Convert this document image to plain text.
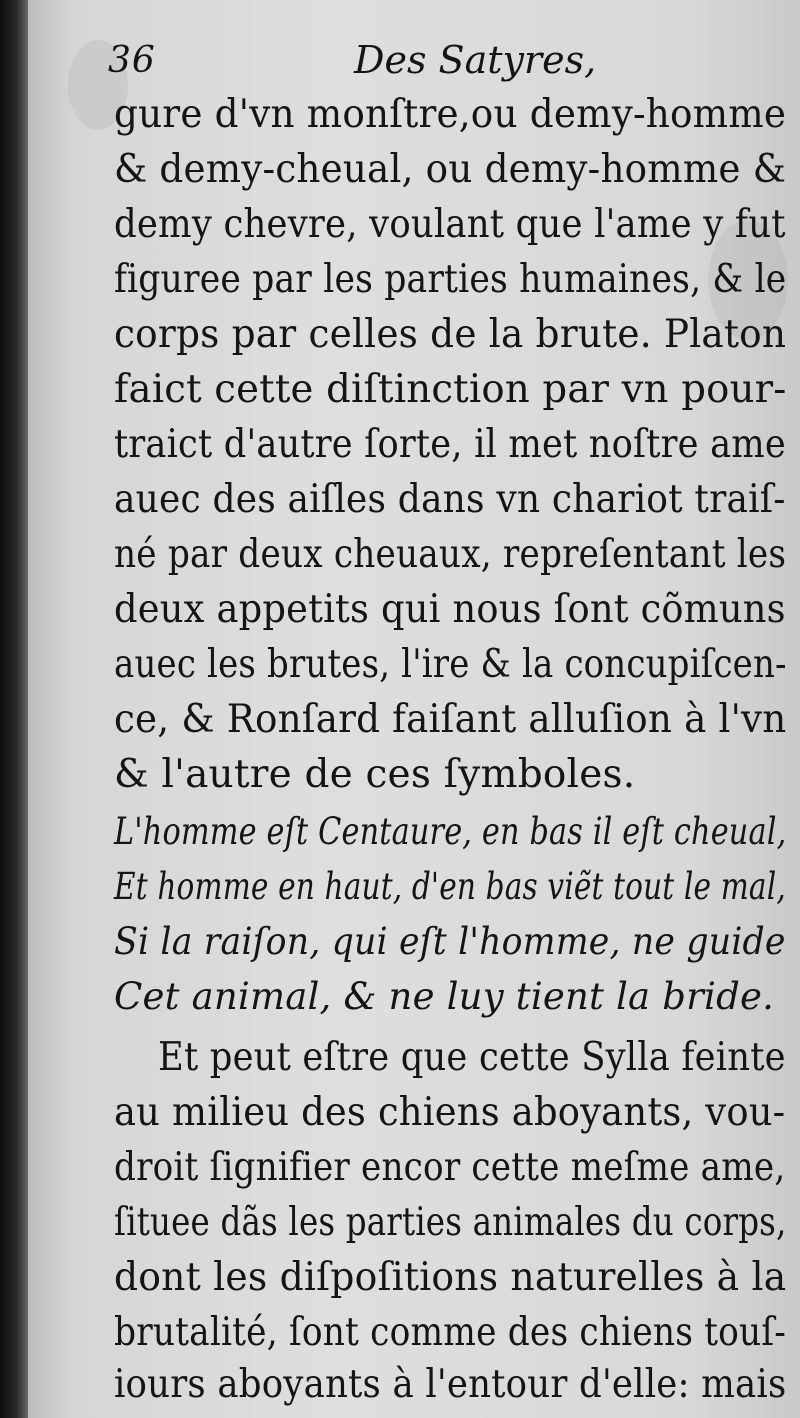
36	Des Satyres,
gure d'vn monſtre,ou demy-homme
& demy-cheual, ou demy-homme &
demy chevre, voulant que l'ame y fut
figuree par les parties humaines, & le
corps par celles de la brute. Platon
faict cette diſtinction par vn pour-
traict d'autre ſorte, il met noſtre ame
auec des aiſles dans vn chariot traiſ-
né par deux cheuaux, repreſentant les
deux appetits qui nous ſont cõmuns
auec les brutes, l'ire & la concupiſcen-
ce, & Ronſard faiſant alluſion à l'vn
& l'autre de ces ſymboles.
L'homme eſt Centaure, en bas il eſt cheual,
Et homme en haut, d'en bas viẽt tout le mal,
Si la raiſon, qui eſt l'homme, ne guide
Cet animal, & ne luy tient la bride.
Et peut eſtre que cette Sylla feinte
au milieu des chiens aboyants, vou-
droit ſignifier encor cette meſme ame,
ſituee dãs les parties animales du corps,
dont les diſpoſitions naturelles à la
brutalité, ſont comme des chiens touſ-
iours aboyants à l'entour d'elle: mais
